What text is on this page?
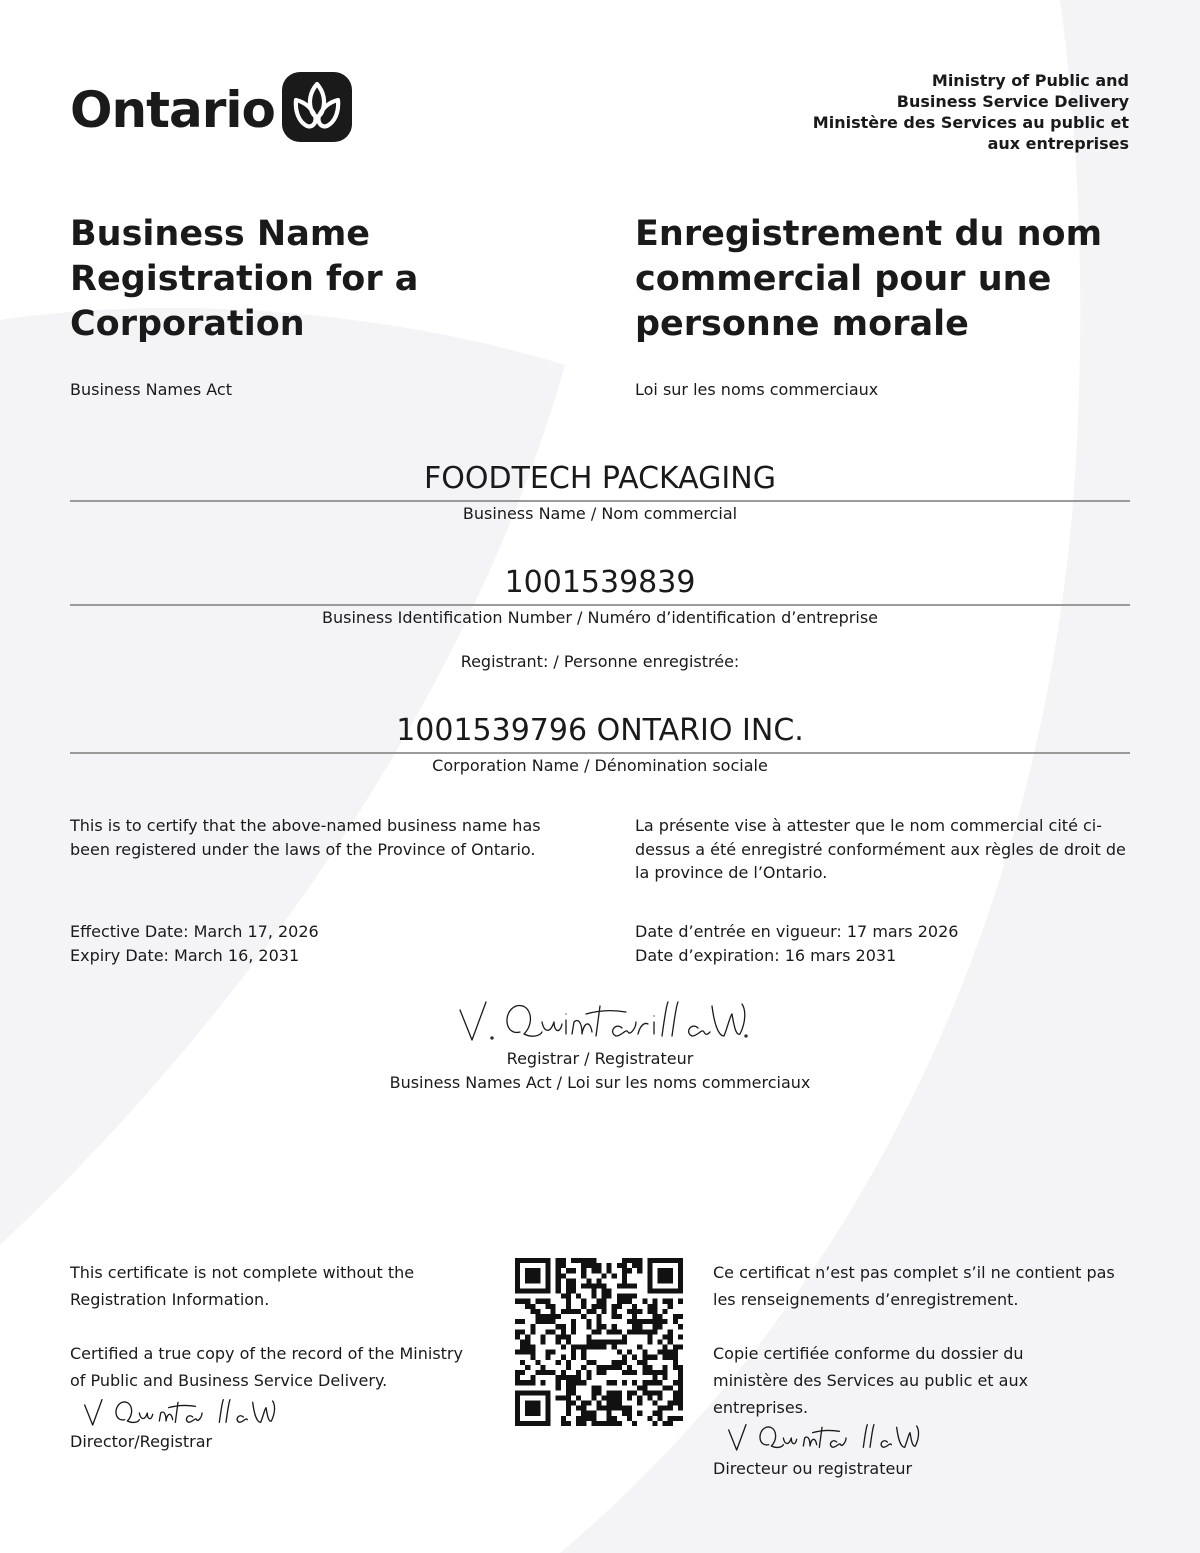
Ontario
Ministry of Public and
Business Service Delivery
Ministère des Services au public et
aux entreprises
Business Name
Registration for a
Corporation
Enregistrement du nom
commercial pour une
personne morale
Business Names Act	Loi sur les noms commerciaux
FOODTECH PACKAGING
Business Name / Nom commercial
1001539839
Business Identification Number / Numéro d’identification d’entreprise
Registrant: / Personne enregistrée:
1001539796 ONTARIO INC.
Corporation Name / Dénomination sociale
This is to certify that the above-named business name has been registered under the laws of the Province of Ontario.
La présente vise à attester que le nom commercial cité ci-dessus a été enregistré conformément aux règles de droit de la province de l’Ontario.
Effective Date: March 17, 2026
Expiry Date: March 16, 2031
Date d’entrée en vigueur: 17 mars 2026
Date d’expiration: 16 mars 2031
Registrar / Registrateur
Business Names Act / Loi sur les noms commerciaux
This certificate is not complete without the Registration Information.
Certified a true copy of the record of the Ministry of Public and Business Service Delivery.
Director/Registrar
Ce certificat n’est pas complet s’il ne contient pas les renseignements d’enregistrement.
Copie certifiée conforme du dossier du ministère des Services au public et aux entreprises.
Directeur ou registrateur
